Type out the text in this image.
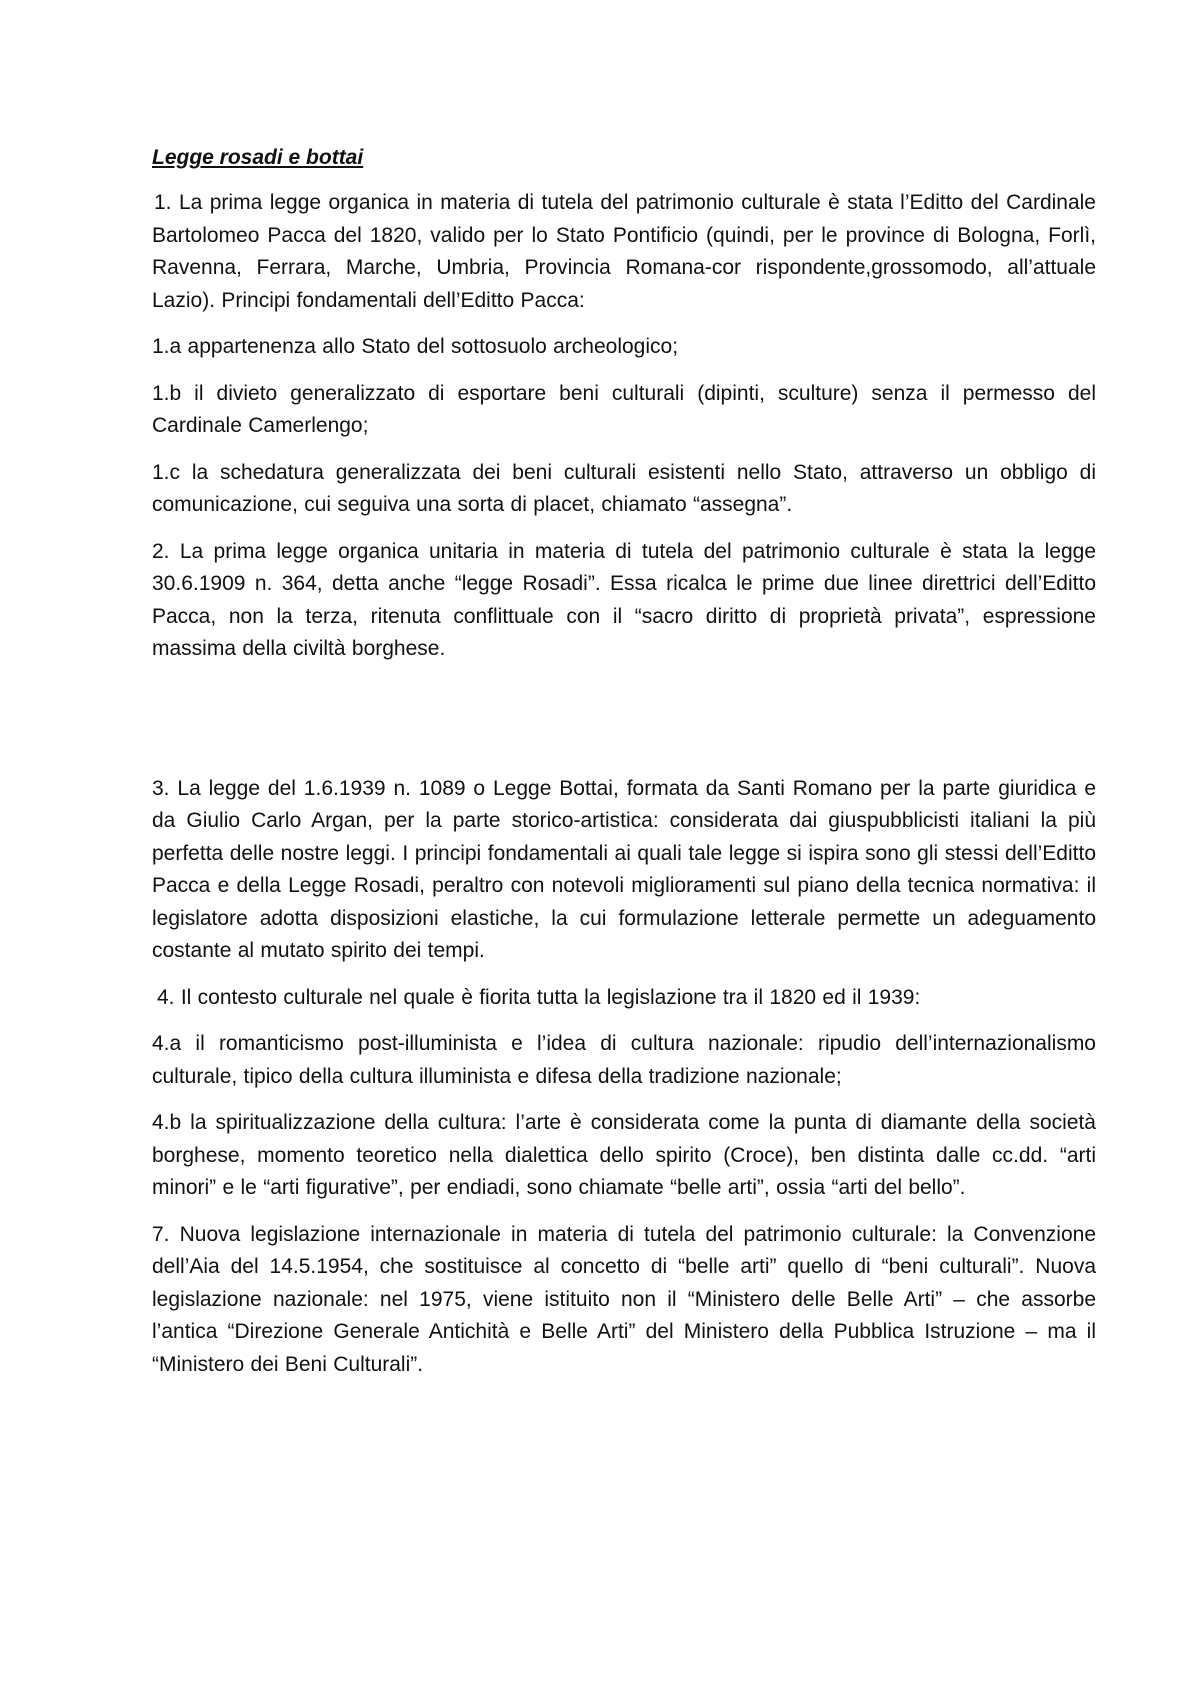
Legge rosadi e bottai

1. La prima legge organica in materia di tutela del patrimonio culturale è stata l’Editto del Cardinale Bartolomeo Pacca del 1820, valido per lo Stato Pontificio (quindi, per le province di Bologna, Forlì, Ravenna, Ferrara, Marche, Umbria, Provincia Romana-cor rispondente,grossomodo, all’attuale Lazio). Principi fondamentali dell’Editto Pacca:

1.a appartenenza allo Stato del sottosuolo archeologico;

1.b il divieto generalizzato di esportare beni culturali (dipinti, sculture) senza il permesso del Cardinale Camerlengo;

1.c la schedatura generalizzata dei beni culturali esistenti nello Stato, attraverso un obbligo di comunicazione, cui seguiva una sorta di placet, chiamato “assegna”.

2. La prima legge organica unitaria in materia di tutela del patrimonio culturale è stata la legge 30.6.1909 n. 364, detta anche “legge Rosadi”. Essa ricalca le prime due linee direttrici dell’Editto Pacca, non la terza, ritenuta conflittuale con il “sacro diritto di proprietà privata”, espressione massima della civiltà borghese.

3. La legge del 1.6.1939 n. 1089 o Legge Bottai, formata da Santi Romano per la parte giuridica e da Giulio Carlo Argan, per la parte storico-artistica: considerata dai giuspubblicisti italiani la più perfetta delle nostre leggi. I principi fondamentali ai quali tale legge si ispira sono gli stessi dell’Editto Pacca e della Legge Rosadi, peraltro con notevoli miglioramenti sul piano della tecnica normativa: il legislatore adotta disposizioni elastiche, la cui formulazione letterale permette un adeguamento costante al mutato spirito dei tempi.

4. Il contesto culturale nel quale è fiorita tutta la legislazione tra il 1820 ed il 1939:

4.a il romanticismo post-illuminista e l’idea di cultura nazionale: ripudio dell’internazionalismo culturale, tipico della cultura illuminista e difesa della tradizione nazionale;

4.b la spiritualizzazione della cultura: l’arte è considerata come la punta di diamante della società borghese, momento teoretico nella dialettica dello spirito (Croce), ben distinta dalle cc.dd. “arti minori” e le “arti figurative”, per endiadi, sono chiamate “belle arti”, ossia “arti del bello”.

7. Nuova legislazione internazionale in materia di tutela del patrimonio culturale: la Convenzione dell’Aia del 14.5.1954, che sostituisce al concetto di “belle arti” quello di “beni culturali”. Nuova legislazione nazionale: nel 1975, viene istituito non il “Ministero delle Belle Arti” – che assorbe l’antica “Direzione Generale Antichità e Belle Arti” del Ministero della Pubblica Istruzione – ma il “Ministero dei Beni Culturali”.
